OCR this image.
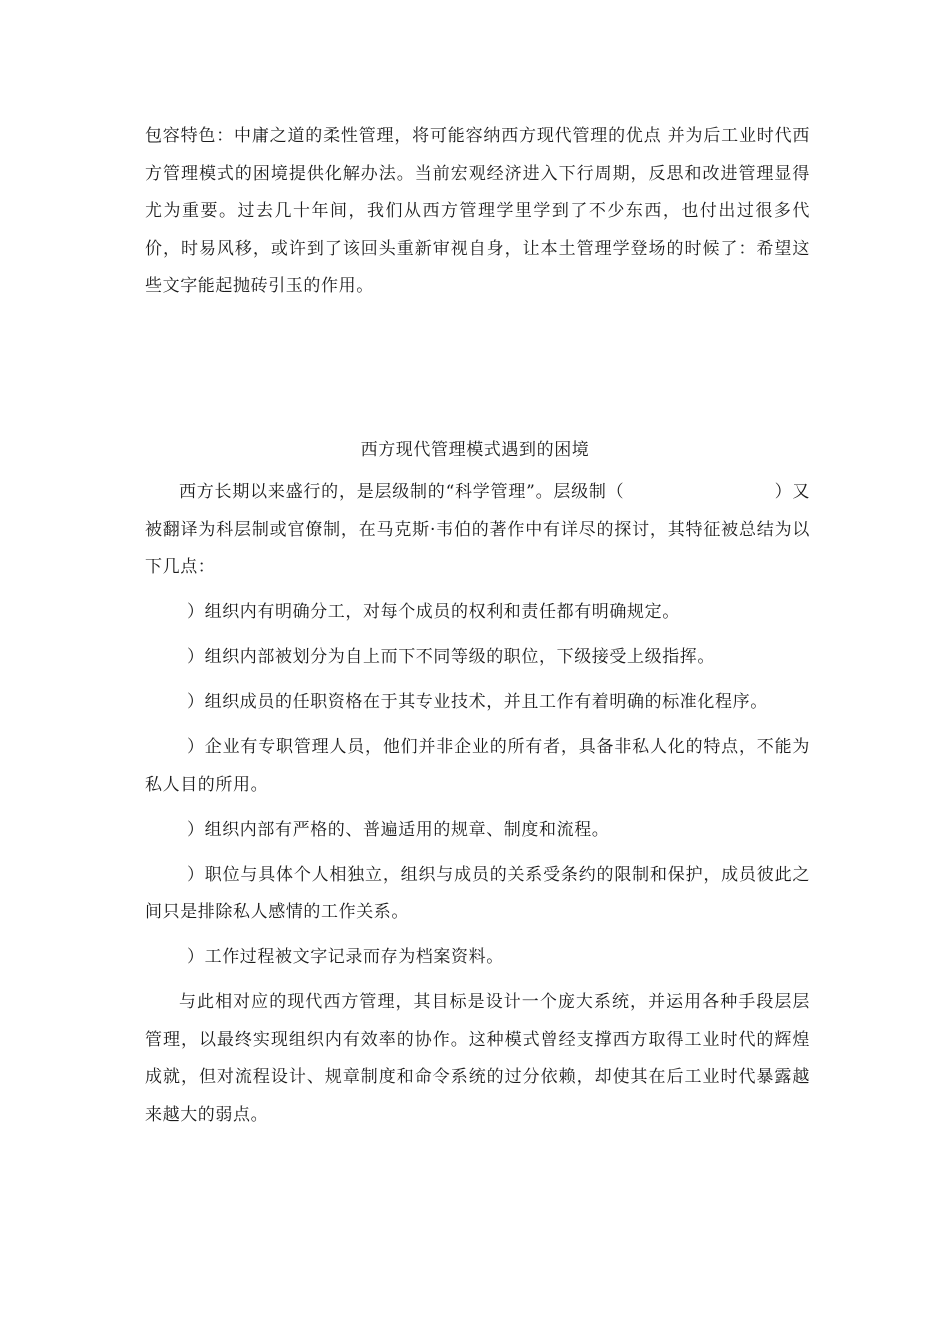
包容特色：中庸之道的柔性管理，将可能容纳西方现代管理的优点 并为后工业时代西方管理模式的困境提供化解办法。当前宏观经济进入下行周期，反思和改进管理显得尤为重要。过去几十年间，我们从西方管理学里学到了不少东西，也付出过很多代价，时易风移，或许到了该回头重新审视自身，让本土管理学登场的时候了：希望这些文字能起抛砖引玉的作用。

西方现代管理模式遇到的困境

西方长期以来盛行的，是层级制的“科学管理”。层级制（	）又被翻译为科层制或官僚制，在马克斯·韦伯的著作中有详尽的探讨，其特征被总结为以下几点：

）组织内有明确分工，对每个成员的权利和责任都有明确规定。

）组织内部被划分为自上而下不同等级的职位，下级接受上级指挥。

）组织成员的任职资格在于其专业技术，并且工作有着明确的标准化程序。

）企业有专职管理人员，他们并非企业的所有者，具备非私人化的特点，不能为私人目的所用。

）组织内部有严格的、普遍适用的规章、制度和流程。

）职位与具体个人相独立，组织与成员的关系受条约的限制和保护，成员彼此之间只是排除私人感情的工作关系。

）工作过程被文字记录而存为档案资料。

与此相对应的现代西方管理，其目标是设计一个庞大系统，并运用各种手段层层管理，以最终实现组织内有效率的协作。这种模式曾经支撑西方取得工业时代的辉煌成就，但对流程设计、规章制度和命令系统的过分依赖，却使其在后工业时代暴露越来越大的弱点。
